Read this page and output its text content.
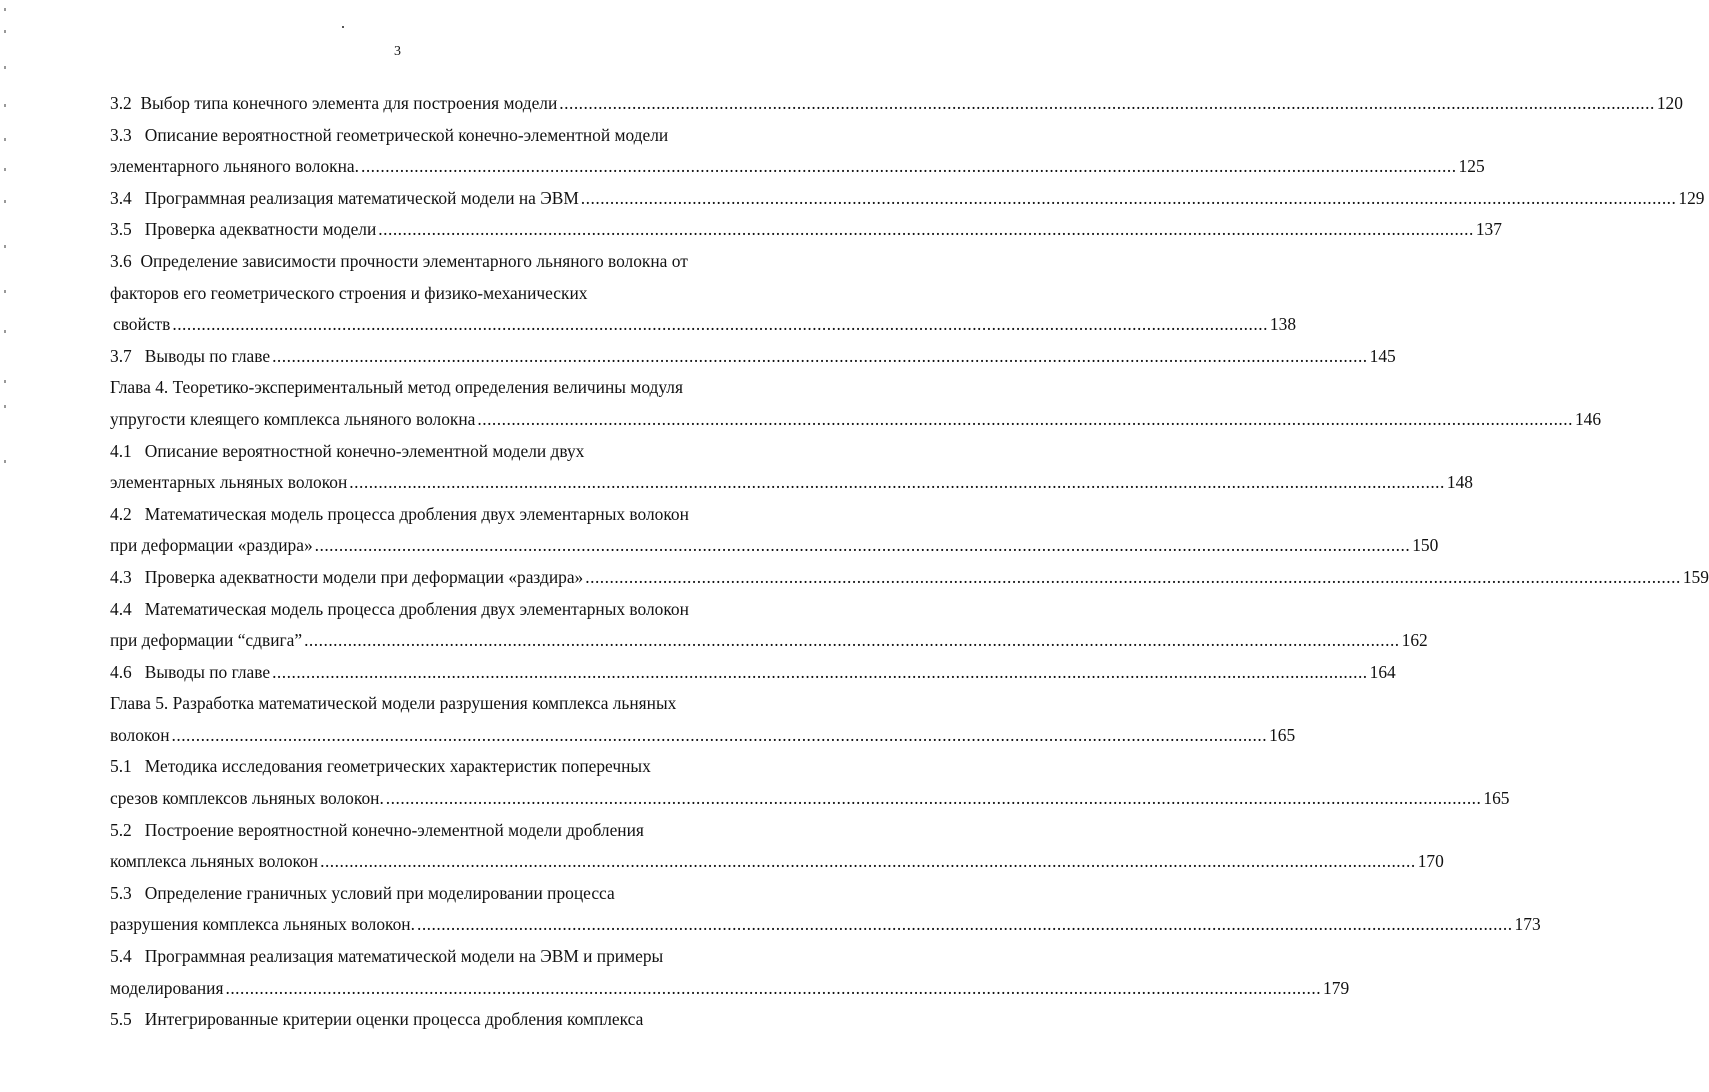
3
3.2 Выбор типа конечного элемента для построения модели .....	120
3.3 Описание вероятностной геометрической конечно-элементной модели
элементарного льняного волокна. .....	125
3.4 Программная реализация математической модели на ЭВМ .....	129
3.5 Проверка адекватности модели .....	137
3.6 Определение зависимости прочности элементарного льняного волокна от
факторов его геометрического строения и физико-механических
свойств .....	138
3.7 Выводы по главе .....	145
Глава 4. Теоретико-экспериментальный метод определения величины модуля
упругости клеящего комплекса льняного волокна .....	146
4.1 Описание вероятностной конечно-элементной модели двух
элементарных льняных волокон .....	148
4.2 Математическая модель процесса дробления двух элементарных волокон
при деформации «раздира» .....	150
4.3 Проверка адекватности модели при деформации «раздира» .....	159
4.4 Математическая модель процесса дробления двух элементарных волокон
при деформации “сдвига” .....	162
4.6 Выводы по главе .....	164
Глава 5. Разработка математической модели разрушения комплекса льняных
волокон .....	165
5.1 Методика исследования геометрических характеристик поперечных
срезов комплексов льняных волокон. .....	165
5.2 Построение вероятностной конечно-элементной модели дробления
комплекса льняных волокон .....	170
5.3 Определение граничных условий при моделировании процесса
разрушения комплекса льняных волокон. .....	173
5.4 Программная реализация математической модели на ЭВМ и примеры
моделирования .....	179
5.5 Интегрированные критерии оценки процесса дробления комплекса
